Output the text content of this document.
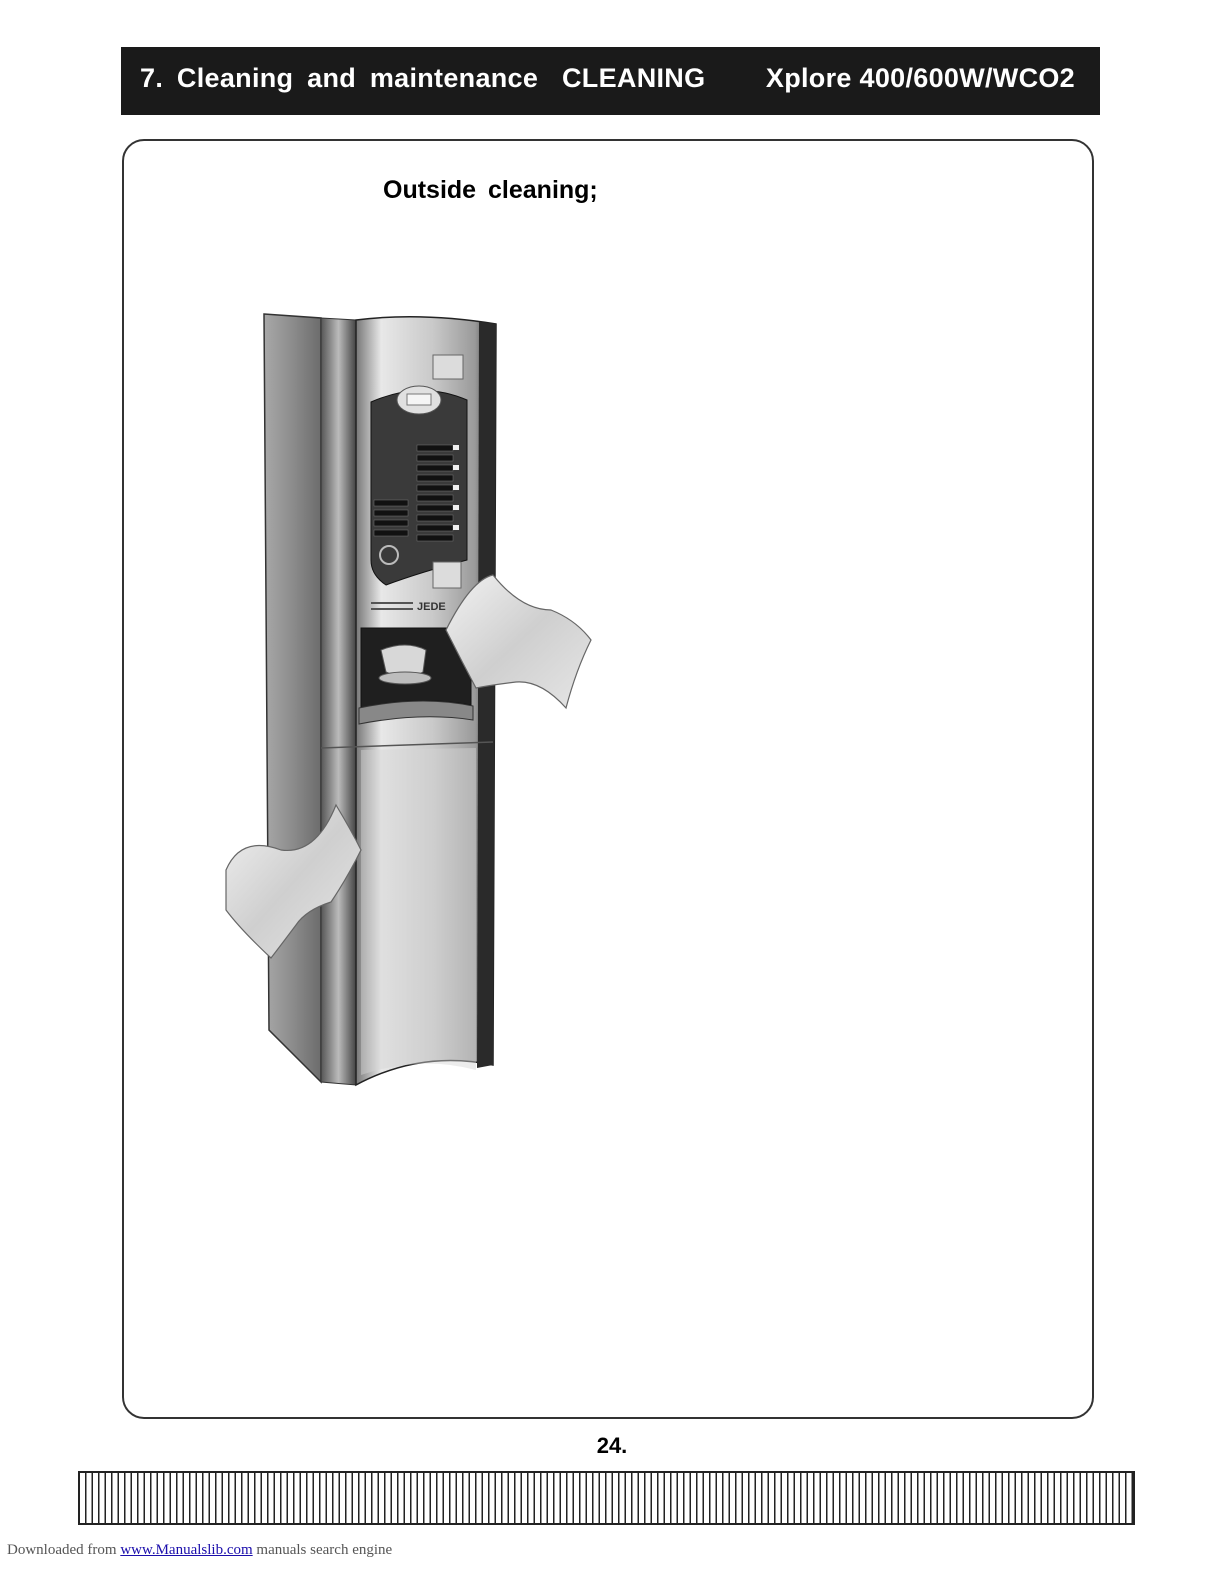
7. Cleaning and maintenance CLEANING Xplore 400/600W/WCO2
Outside cleaning;
JEDE
24.
Downloaded from www.Manualslib.com manuals search engine
